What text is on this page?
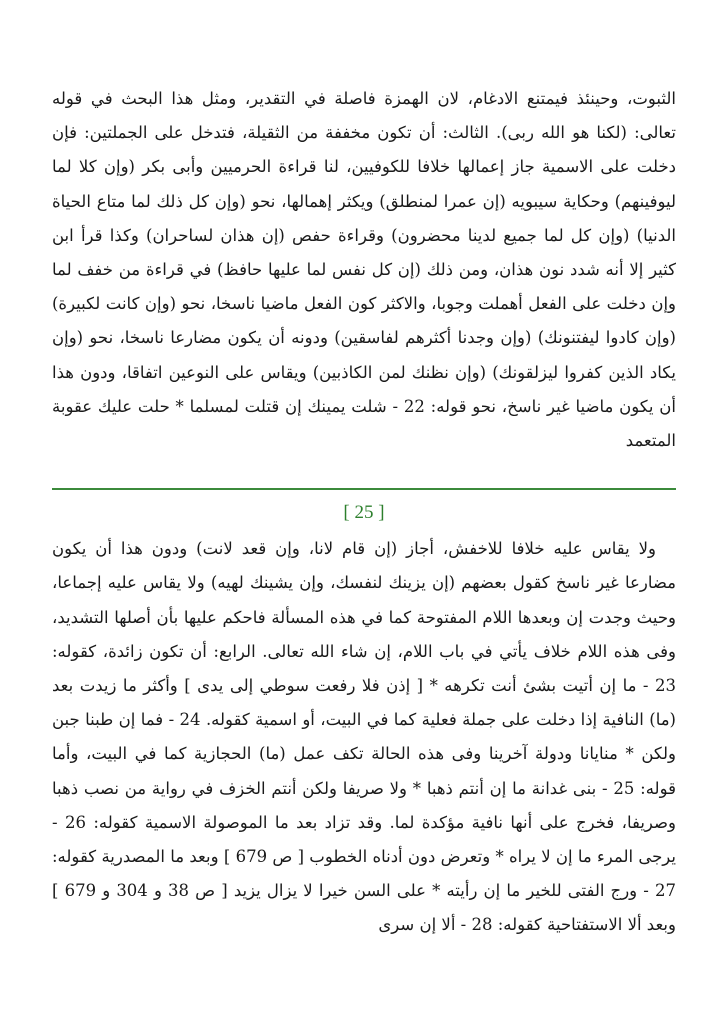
الثبوت، وحينئذ فيمتنع الادغام، لان الهمزة فاصلة في التقدير، ومثل هذا البحث في قوله تعالى: (لكنا هو الله ربى). الثالث: أن تكون مخففة من الثقيلة، فتدخل على الجملتين: فإن دخلت على الاسمية جاز إعمالها خلافا للكوفيين، لنا قراءة الحرميين وأبى بكر (وإن كلا لما ليوفينهم) وحكاية سيبويه (إن عمرا لمنطلق) ويكثر إهمالها، نحو (وإن كل ذلك لما متاع الحياة الدنيا) (وإن كل لما جميع لدينا محضرون) وقراءة حفص (إن هذان لساحران) وكذا قرأ ابن كثير إلا أنه شدد نون هذان، ومن ذلك (إن كل نفس لما عليها حافظ) في قراءة من خفف لما وإن دخلت على الفعل أهملت وجوبا، والاكثر كون الفعل ماضيا ناسخا، نحو (وإن كانت لكبيرة) (وإن كادوا ليفتنونك) (وإن وجدنا أكثرهم لفاسقين) ودونه أن يكون مضارعا ناسخا، نحو (وإن يكاد الذين كفروا ليزلقونك) (وإن نظنك لمن الكاذبين) ويقاس على النوعين اتفاقا، ودون هذا أن يكون ماضيا غير ناسخ، نحو قوله: 22 - شلت يمينك إن قتلت لمسلما * حلت عليك عقوبة المتعمد

[ 25 ]

ولا يقاس عليه خلافا للاخفش، أجاز (إن قام لانا، وإن قعد لانت) ودون هذا أن يكون مضارعا غير ناسخ كقول بعضهم (إن يزينك لنفسك، وإن يشينك لهيه) ولا يقاس عليه إجماعا، وحيث وجدت إن وبعدها اللام المفتوحة كما في هذه المسألة فاحكم عليها بأن أصلها التشديد، وفى هذه اللام خلاف يأتي في باب اللام، إن شاء الله تعالى. الرابع: أن تكون زائدة، كقوله: 23 - ما إن أتيت بشئ أنت تكرهه * [ إذن فلا رفعت سوطي إلى يدى ] وأكثر ما زيدت بعد (ما) النافية إذا دخلت على جملة فعلية كما في البيت، أو اسمية كقوله. 24 - فما إن طبنا جبن ولكن * منايانا ودولة آخرينا وفى هذه الحالة تكف عمل (ما) الحجازية كما في البيت، وأما قوله: 25 - بنى غدانة ما إن أنتم ذهبا * ولا صريفا ولكن أنتم الخزف في رواية من نصب ذهبا وصريفا، فخرج على أنها نافية مؤكدة لما. وقد تزاد بعد ما الموصولة الاسمية كقوله: 26 - يرجى المرء ما إن لا يراه * وتعرض دون أدناه الخطوب [ ص 679 ] وبعد ما المصدرية كقوله: 27 - ورج الفتى للخير ما إن رأيته * على السن خيرا لا يزال يزيد [ ص 38 و 304 و 679 ] وبعد ألا الاستفتاحية كقوله: 28 - ألا إن سرى
